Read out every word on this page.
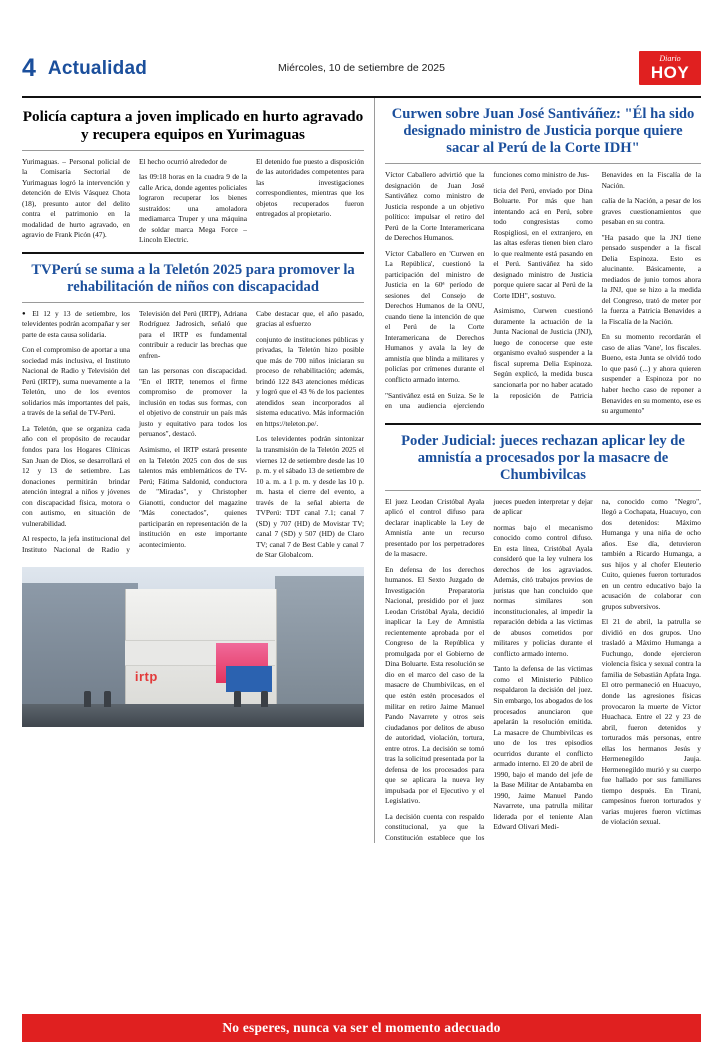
4 Actualidad	Miércoles, 10 de setiembre de 2025
Diario
HOY
Policía captura a joven implicado en hurto agravado y recupera equipos en Yurimaguas

Yurimaguas. – Personal policial de la Comisaría Sectorial de Yurimaguas logró la intervención y detención de Elvis Vásquez Chota (18), presunto autor del delito contra el patrimonio en la modalidad de hurto agravado, en agravio de Frank Picón (47).

El hecho ocurrió alrededor de

las 09:18 horas en la cuadra 9 de la calle Arica, donde agentes policiales lograron recuperar los bienes sustraídos: una amoladora mediamarca Truper y una máquina de soldar marca Mega Force – Lincoln Electric.

El detenido fue puesto a disposición de las autoridades competentes para las investigaciones correspondientes, mientras que los objetos recuperados fueron entregados al propietario.

TVPerú se suma a la Teletón 2025 para promover la rehabilitación de niños con discapacidad

● El 12 y 13 de setiembre, los televidentes podrán acompañar y ser parte de esta causa solidaria.

Con el compromiso de aportar a una sociedad más inclusiva, el Instituto Nacional de Radio y Televisión del Perú (IRTP), suma nuevamente a la Teletón, uno de los eventos solidarios más importantes del país, a través de la señal de TV-Perú.

La Teletón, que se organiza cada año con el propósito de recaudar fondos para los Hogares Clínicas San Juan de Dios, se desarrollará el 12 y 13 de setiembre. Las donaciones permitirán brindar atención integral a niños y jóvenes con discapacidad física, motora o con autismo, en situación de vulnerabilidad.

Al respecto, la jefa institucional del Instituto Nacional de Radio y Televisión del Perú (IRTP), Adriana Rodríguez Jadrosich, señaló que para el IRTP es fundamental contribuir a reducir las brechas que enfren-

tan las personas con discapacidad. "En el IRTP, tenemos el firme compromiso de promover la inclusión en todas sus formas, con el objetivo de construir un país más justo y equitativo para todos los peruanos", destacó.

Asimismo, el IRTP estará presente en la Teletón 2025 con dos de sus talentos más emblemáticos de TV-Perú; Fátima Saldonid, conductora de "Miradas", y Christopher Gianotti, conductor del magazine "Más conectados", quienes participarán en representación de la institución en este importante acontecimiento.

Cabe destacar que, el año pasado, gracias al esfuerzo

conjunto de instituciones públicas y privadas, la Teletón hizo posible que más de 700 niños iniciaran su proceso de rehabilitación; además, brindó 122 843 atenciones médicas y logró que el 43 % de los pacientes atendidos sean incorporados al sistema educativo. Más información en https://teleton.pe/.

Los televidentes podrán sintonizar la transmisión de la Teletón 2025 el viernes 12 de setiembre desde las 10 p. m. y el sábado 13 de setiembre de 10 a. m. a 1 p. m. y desde las 10 p. m. hasta el cierre del evento, a través de la señal abierta de TVPerú: TDT canal 7.1; canal 7 (SD) y 707 (HD) de Movistar TV; canal 7 (SD) y 507 (HD) de Claro TV; canal 7 de Best Cable y canal 7 de Star Globalcom.

irtp
Curwen sobre Juan José Santiváñez: "Él ha sido designado ministro de Justicia porque quiere sacar al Perú de la Corte IDH"

Víctor Caballero advirtió que la designación de Juan José Santiváñez como ministro de Justicia responde a un objetivo político: impulsar el retiro del Perú de la Corte Interamericana de Derechos Humanos.

Víctor Caballero en 'Curwen en La República', cuestionó la participación del ministro de Justicia en la 60ª período de sesiones del Consejo de Derechos Humanos de la ONU, cuando tiene la intención de que el Perú de la Corte Interamericana de Derechos Humanos y avala la ley de amnistía que blinda a militares y policías por crímenes durante el conflicto armado interno.

"Santiváñez está en Suiza. Se le en una audiencia ejerciendo funciones como ministro de Jus-

ticia del Perú, enviado por Dina Boluarte. Por más que han intentando acá en Perú, sobre todo congresistas como Rospigliosi, en el extranjero, en las altas esferas tienen bien claro lo que realmente está pasando en el Perú. Santiváñez ha sido designado ministro de Justicia porque quiere sacar al Perú de la Corte IDH", sostuvo.

Asimismo, Curwen cuestionó duramente la actuación de la Junta Nacional de Justicia (JNJ), luego de conocerse que este organismo evaluó suspender a la fiscal suprema Delia Espinoza. Según explicó, la medida busca sancionarla por no haber acatado la reposición de Patricia Benavides en la Fiscalía de la Nación.

calía de la Nación, a pesar de los graves cuestionamientos que pesaban en su contra.

"Ha pasado que la JNJ tiene pensado suspender a la fiscal Delia Espinoza. Esto es alucinante. Básicamente, a mediados de junio tomos ahora la JNJ, que se hizo a la medida del Congreso, trató de meter por la fuerza a Patricia Benavides a la Fiscalía de la Nación.

En su momento recordarán el caso de alias 'Vane', los fiscales. Bueno, esta Junta se olvidó todo lo que pasó (...) y ahora quieren suspender a Espinoza por no haber hecho caso de reponer a Benavides en su momento, ese es su argumento"

Poder Judicial: jueces rechazan aplicar ley de amnistía a procesados por la masacre de Chumbivilcas

El juez Leodan Cristóbal Ayala aplicó el control difuso para declarar inaplicable la Ley de Amnistía ante un recurso presentado por los perpetradores de la masacre.

En defensa de los derechos humanos. El Sexto Juzgado de Investigación Preparatoria Nacional, presidido por el juez Leodan Cristóbal Ayala, decidió inaplicar la Ley de Amnistía recientemente aprobada por el Congreso de la República y promulgada por el Gobierno de Dina Boluarte. Esta resolución se dio en el marco del caso de la masacre de Chumbivilcas, en el que estén estén procesados el militar en retiro Jaime Manuel Pando Navarrete y otros seis ciudadanos por delitos de abuso de autoridad, violación, tortura, entre otros. La decisión se tomó tras la solicitud presentada por la defensa de los procesados para que se aplicara la nueva ley impulsada por el Ejecutivo y el Legislativo.

La decisión cuenta con respaldo constitucional, ya que la Constitución establece que los jueces pueden interpretar y dejar de aplicar

normas bajo el mecanismo conocido como control difuso. En esta línea, Cristóbal Ayala consideró que la ley vulnera los derechos de los agraviados. Además, citó trabajos previos de juristas que han concluido que normas similares son inconstitucionales, al impedir la reparación debida a las víctimas de abusos cometidos por militares y policías durante el conflicto armado interno.

Tanto la defensa de las víctimas como el Ministerio Público respaldaron la decisión del juez. Sin embargo, los abogados de los procesados anunciaron que apelarán la resolución emitida. La masacre de Chumbivilcas es uno de los tres episodios ocurridos durante el conflicto armado interno. El 20 de abril de 1990, bajo el mando del jefe de la Base Militar de Antabamba en 1990, Jaime Manuel Pando Navarrete, una patrulla militar liderada por el teniente Alan Edward Olivari Medi-

na, conocido como "Negro", llegó a Cochapata, Huacuyo, con dos detenidos: Máximo Humanga y una niña de ocho años. Ese día, detuvieron también a Ricardo Humanga, a sus hijos y al chofer Eleuterio Cuito, quienes fueron torturados en un centro educativo bajo la acusación de colaborar con grupos subversivos.

El 21 de abril, la patrulla se dividió en dos grupos. Uno trasladó a Máximo Humanga a Fuchungo, donde ejercieron violencia física y sexual contra la familia de Sebastián Apfata Inga. El otro permaneció en Huacuyo, donde las agresiones físicas provocaron la muerte de Víctor Huachaca. Entre el 22 y 23 de abril, fueron detenidos y torturados más personas, entre ellas los hermanos Jesús y Hermenegildo Jauja. Hermenegildo murió y su cuerpo fue hallado por sus familiares tiempo después. En Tirani, campesinos fueron torturados y varias mujeres fueron víctimas de violación sexual.

No esperes, nunca va ser el momento adecuado
